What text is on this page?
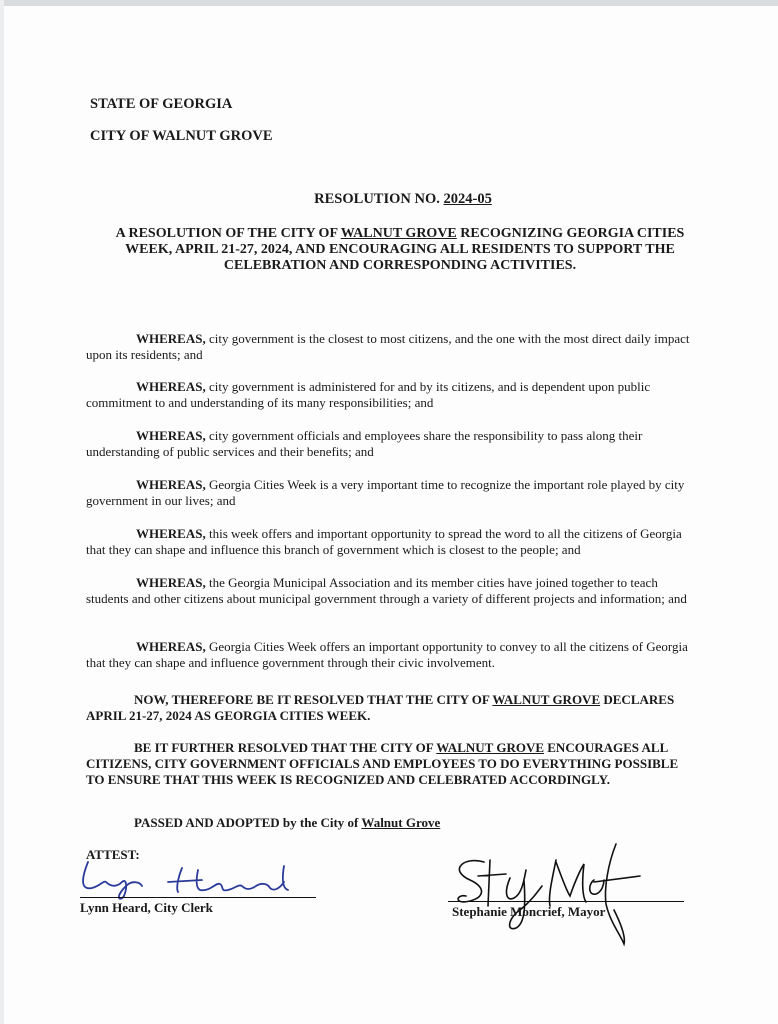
STATE OF GEORGIA
CITY OF WALNUT GROVE
RESOLUTION NO. 2024-05
A RESOLUTION OF THE CITY OF WALNUT GROVE RECOGNIZING GEORGIA CITIES WEEK, APRIL 21-27, 2024, AND ENCOURAGING ALL RESIDENTS TO SUPPORT THE CELEBRATION AND CORRESPONDING ACTIVITIES.
WHEREAS, city government is the closest to most citizens, and the one with the most direct daily impact upon its residents; and
WHEREAS, city government is administered for and by its citizens, and is dependent upon public commitment to and understanding of its many responsibilities; and
WHEREAS, city government officials and employees share the responsibility to pass along their understanding of public services and their benefits; and
WHEREAS, Georgia Cities Week is a very important time to recognize the important role played by city government in our lives; and
WHEREAS, this week offers and important opportunity to spread the word to all the citizens of Georgia that they can shape and influence this branch of government which is closest to the people; and
WHEREAS, the Georgia Municipal Association and its member cities have joined together to teach students and other citizens about municipal government through a variety of different projects and information; and
WHEREAS, Georgia Cities Week offers an important opportunity to convey to all the citizens of Georgia that they can shape and influence government through their civic involvement.
NOW, THEREFORE BE IT RESOLVED THAT THE CITY OF WALNUT GROVE DECLARES APRIL 21-27, 2024 AS GEORGIA CITIES WEEK.
BE IT FURTHER RESOLVED THAT THE CITY OF WALNUT GROVE ENCOURAGES ALL CITIZENS, CITY GOVERNMENT OFFICIALS AND EMPLOYEES TO DO EVERYTHING POSSIBLE TO ENSURE THAT THIS WEEK IS RECOGNIZED AND CELEBRATED ACCORDINGLY.
PASSED AND ADOPTED by the City of Walnut Grove
ATTEST:
Lynn Heard, City Clerk	Stephanie Moncrief, Mayor
